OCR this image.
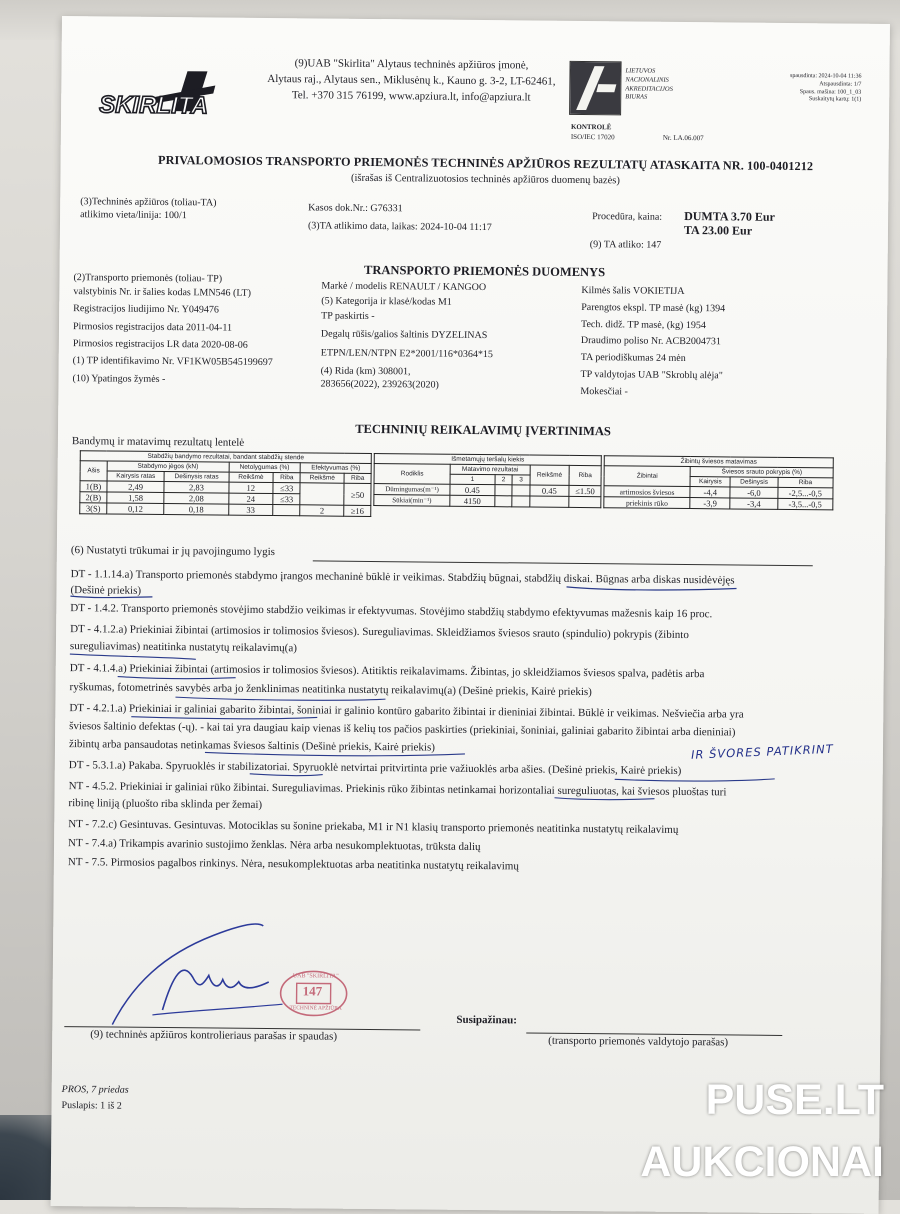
SKIRLITA
(9)UAB "Skirlita" Alytaus techninės apžiūros įmonė,
Alytaus raj., Alytaus sen., Miklusėnų k., Kauno g. 3-2, LT-62461,
Tel. +370 315 76199, www.apziura.lt, info@apziura.lt
LIETUVOS
NACIONALINIS
AKREDITACIJOS
BIURAS
KONTROLĖ
ISO/IEC 17020	Nr. LA.06.007
spausdinta: 2024-10-04 11:36
Atspausdinta: 1/7
Spaus. mašina: 100_1_03
Suskaitytų kartų: 1(1)
PRIVALOMOSIOS TRANSPORTO PRIEMONĖS TECHNINĖS APŽIŪROS REZULTATŲ ATASKAITA NR. 100-0401212
(išrašas iš Centralizuotosios techninės apžiūros duomenų bazės)
(3)Techninės apžiūros (toliau-TA)
atlikimo vieta/linija: 100/1
Kasos dok.Nr.: G76331
(3)TA atlikimo data, laikas: 2024-10-04 11:17
Procedūra, kaina: DUMTA 3.70 Eur
TA 23.00 Eur
(9) TA atliko: 147
TRANSPORTO PRIEMONĖS DUOMENYS
(2)Transporto priemonės (toliau- TP)
valstybinis Nr. ir šalies kodas LMN546 (LT)
Registracijos liudijimo Nr. Y049476
Pirmosios registracijos data 2011-04-11
Pirmosios registracijos LR data 2020-08-06
(1) TP identifikavimo Nr. VF1KW05B545199697
(10) Ypatingos žymės -
Markė / modelis RENAULT / KANGOO
(5) Kategorija ir klasė/kodas M1
TP paskirtis -
Degalų rūšis/galios šaltinis DYZELINAS
ETPN/LEN/NTPN E2*2001/116*0364*15
(4) Rida (km) 308001,
283656(2022), 239263(2020)
Kilmės šalis VOKIETIJA
Parengtos ekspl. TP masė (kg) 1394
Tech. didž. TP masė, (kg) 1954
Draudimo poliso Nr. ACB2004731
TA periodiškumas 24 mėn
TP valdytojas UAB "Skroblų alėja"
Mokesčiai -
TECHNINIŲ REIKALAVIMŲ ĮVERTINIMAS
Bandymų ir matavimų rezultatų lentelė
Stabdžių bandymo rezultatai, bandant stabdžių stende						
Ašis	Stabdymo jėgos (kN)		Netolygumas (%)		Efektyvumas (%)	
	Kairysis ratas	Dešinysis ratas	Reikšmė	Riba	Reikšmė	Riba
1(B)	2,49	2,83	12	≤33		≥50
2(B)	1,58	2,08	24	≤33		
3(S)	0,12	0,18	33		2	≥16
Išmetamųjų teršalų kiekis					
Rodiklis	Matavimo rezultatai			Reikšmė	Riba
	1	2	3		
Dūmingumas(m⁻¹)	0.45			0.45	≤1.50
Sūkiai(min⁻¹)	4150				
Žibintų šviesos matavimas			
Žibintai	Šviesos srauto pokrypis (%)		
	Kairysis	Dešinysis	Riba
artimosios šviesos	-4,4	-6,0	-2,5...-0,5
priekinis rūko	-3,9	-3,4	-3,5...-0,5
(6) Nustatyti trūkumai ir jų pavojingumo lygis
DT - 1.1.14.a) Transporto priemonės stabdymo įrangos mechaninė būklė ir veikimas. Stabdžių būgnai, stabdžių diskai. Būgnas arba diskas nusidėvėjęs
(Dešinė priekis)
DT - 1.4.2. Transporto priemonės stovėjimo stabdžio veikimas ir efektyvumas. Stovėjimo stabdžių stabdymo efektyvumas mažesnis kaip 16 proc.
DT - 4.1.2.a) Priekiniai žibintai (artimosios ir tolimosios šviesos). Sureguliavimas. Skleidžiamos šviesos srauto (spindulio) pokrypis (žibinto
sureguliavimas) neatitinka nustatytų reikalavimų(a)
DT - 4.1.4.a) Priekiniai žibintai (artimosios ir tolimosios šviesos). Atitiktis reikalavimams. Žibintas, jo skleidžiamos šviesos spalva, padėtis arba
ryškumas, fotometrinės savybės arba jo ženklinimas neatitinka nustatytų reikalavimų(a) (Dešinė priekis, Kairė priekis)
DT - 4.2.1.a) Priekiniai ir galiniai gabarito žibintai, šoniniai ir galinio kontūro gabarito žibintai ir dieniniai žibintai. Būklė ir veikimas. Nešviečia arba yra
šviesos šaltinio defektas (-ų). - kai tai yra daugiau kaip vienas iš kelių tos pačios paskirties (priekiniai, šoniniai, galiniai gabarito žibintai arba dieniniai)
žibintų arba pansaudotas netinkamas šviesos šaltinis (Dešinė priekis, Kairė priekis)
DT - 5.3.1.a) Pakaba. Spyruoklės ir stabilizatoriai. Spyruoklė netvirtai pritvirtinta prie važiuoklės arba ašies. (Dešinė priekis, Kairė priekis)
NT - 4.5.2. Priekiniai ir galiniai rūko žibintai. Sureguliavimas. Priekinis rūko žibintas netinkamai horizontaliai sureguliuotas, kai šviesos pluoštas turi
ribinę liniją (pluošto riba sklinda per žemai)
NT - 7.2.c) Gesintuvas. Gesintuvas. Motociklas su šonine priekaba, M1 ir N1 klasių transporto priemonės neatitinka nustatytų reikalavimų
NT - 7.4.a) Trikampis avarinio sustojimo ženklas. Nėra arba nesukomplektuotas, trūksta dalių
NT - 7.5. Pirmosios pagalbos rinkinys. Nėra, nesukomplektuotas arba neatitinka nustatytų reikalavimų
IR ŠVORES PATIKRINT
UAB "SKIRLITA"
147
TECHNINĖ APŽIŪRA
(9) techninės apžiūros kontrolieriaus parašas ir spaudas)
Susipažinau:
(transporto priemonės valdytojo parašas)
PROS, 7 priedas
Puslapis: 1 iš 2	PUSE.LT
AUKCIONAI
